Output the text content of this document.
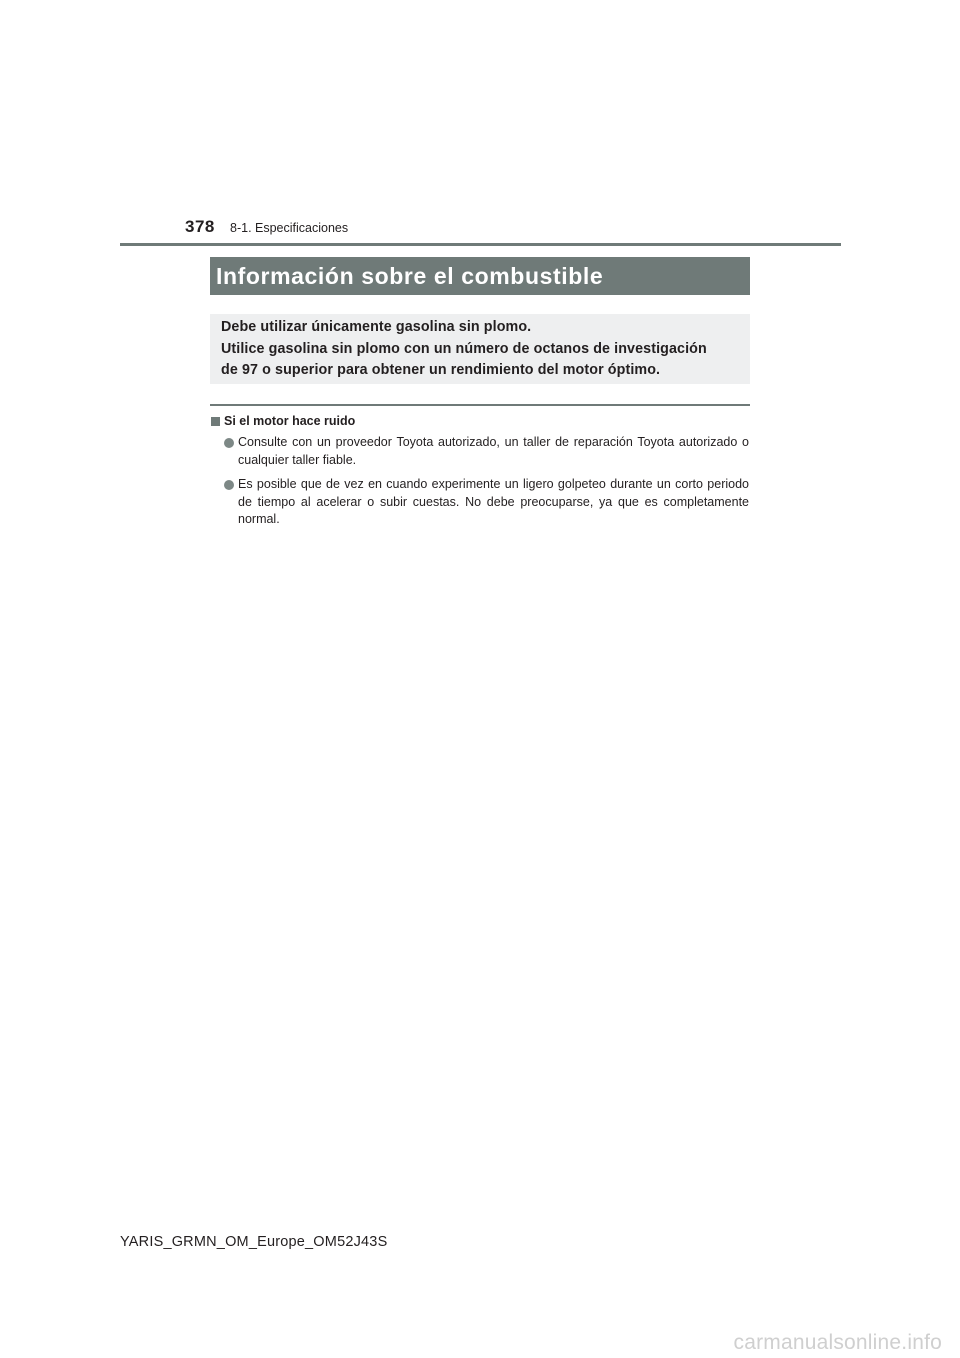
378 8-1. Especificaciones
Información sobre el combustible
Debe utilizar únicamente gasolina sin plomo.
Utilice gasolina sin plomo con un número de octanos de investigación
de 97 o superior para obtener un rendimiento del motor óptimo.
Si el motor hace ruido
Consulte con un proveedor Toyota autorizado, un taller de reparación Toyota autorizado o cualquier taller fiable.
Es posible que de vez en cuando experimente un ligero golpeteo durante un corto periodo de tiempo al acelerar o subir cuestas. No debe preocuparse, ya que es completamente normal.
YARIS_GRMN_OM_Europe_OM52J43S
carmanualsonline.info
